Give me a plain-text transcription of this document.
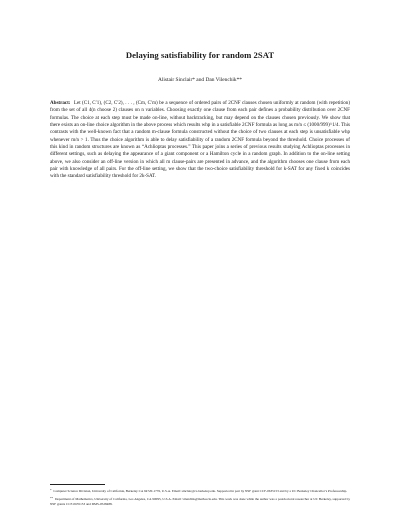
Delaying satisfiability for random 2SAT
Alistair Sinclair* and Dan Vilenchik**
Abstract: Let (C1, C′1), (C2, C′2), . . . , (Cm, C′m) be a sequence of ordered pairs of 2CNF clauses chosen uniformly at random (with repetition) from the set of all 4(n choose 2) clauses on n variables. Choosing exactly one clause from each pair defines a probability distribution over 2CNF formulas. The choice at each step must be made on-line, without backtracking, but may depend on the clauses chosen previously. We show that there exists an on-line choice algorithm in the above process which results whp in a satisfiable 2CNF formula as long as m/n ≤ (1000/999)^1/4. This contrasts with the well-known fact that a random m-clause formula constructed without the choice of two clauses at each step is unsatisfiable whp whenever m/n > 1. Thus the choice algorithm is able to delay satisfiability of a random 2CNF formula beyond the threshold. Choice processes of this kind in random structures are known as “Achlioptas processes.” This paper joins a series of previous results studying Achlioptas processes in different settings, such as delaying the appearance of a giant component or a Hamilton cycle in a random graph. In addition to the on-line setting above, we also consider an off-line version in which all m clause-pairs are presented in advance, and the algorithm chooses one clause from each pair with knowledge of all pairs. For the off-line setting, we show that the two-choice satisfiability threshold for k-SAT for any fixed k coincides with the standard satisfiability threshold for 2k-SAT.
* Computer Science Division, University of California, Berkeley CA 94720-1776, U.S.A. Email: sinclair@cs.berkeley.edu. Supported in part by NSF grant CCF-0635153 and by a UC Berkeley Chancellor’s Professorship.
** Department of Mathematics, University of California, Los Angeles, CA 90095, U.S.A. Email: vilenchik@math.ucla.edu. This work was done while the author was a postdoctoral researcher at UC Berkeley, supported by NSF grants CCF-0635153 and DMS-0528488.
